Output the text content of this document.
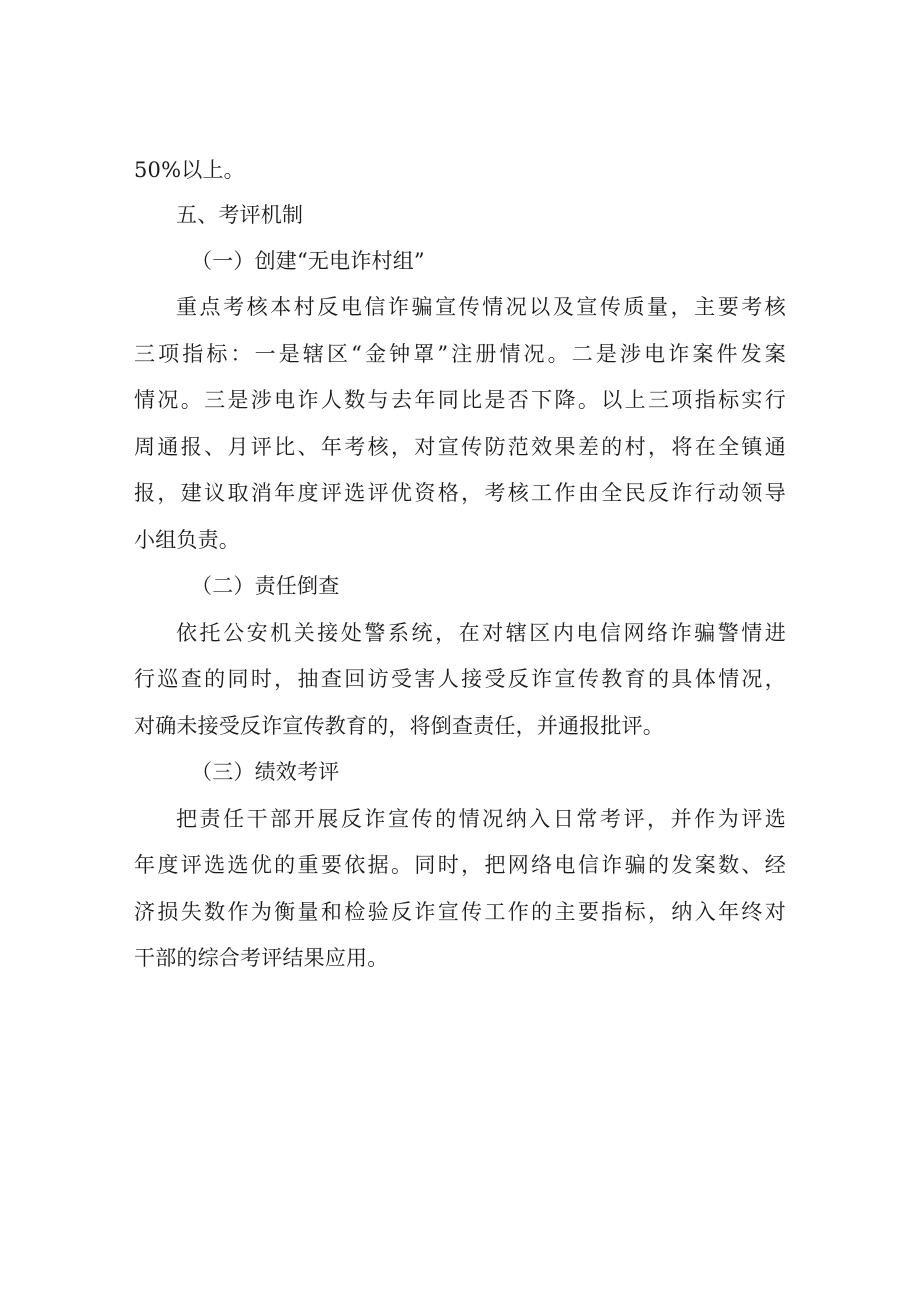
50%以上。
五、考评机制
（一）创建“无电诈村组”
重点考核本村反电信诈骗宣传情况以及宣传质量，主要考核
三项指标：一是辖区“金钟罩”注册情况。二是涉电诈案件发案
情况。三是涉电诈人数与去年同比是否下降。以上三项指标实行
周通报、月评比、年考核，对宣传防范效果差的村，将在全镇通
报，建议取消年度评选评优资格，考核工作由全民反诈行动领导
小组负责。
（二）责任倒查
依托公安机关接处警系统，在对辖区内电信网络诈骗警情进
行巡查的同时，抽查回访受害人接受反诈宣传教育的具体情况，
对确未接受反诈宣传教育的，将倒查责任，并通报批评。
（三）绩效考评
把责任干部开展反诈宣传的情况纳入日常考评，并作为评选
年度评选选优的重要依据。同时，把网络电信诈骗的发案数、经
济损失数作为衡量和检验反诈宣传工作的主要指标，纳入年终对
干部的综合考评结果应用。
